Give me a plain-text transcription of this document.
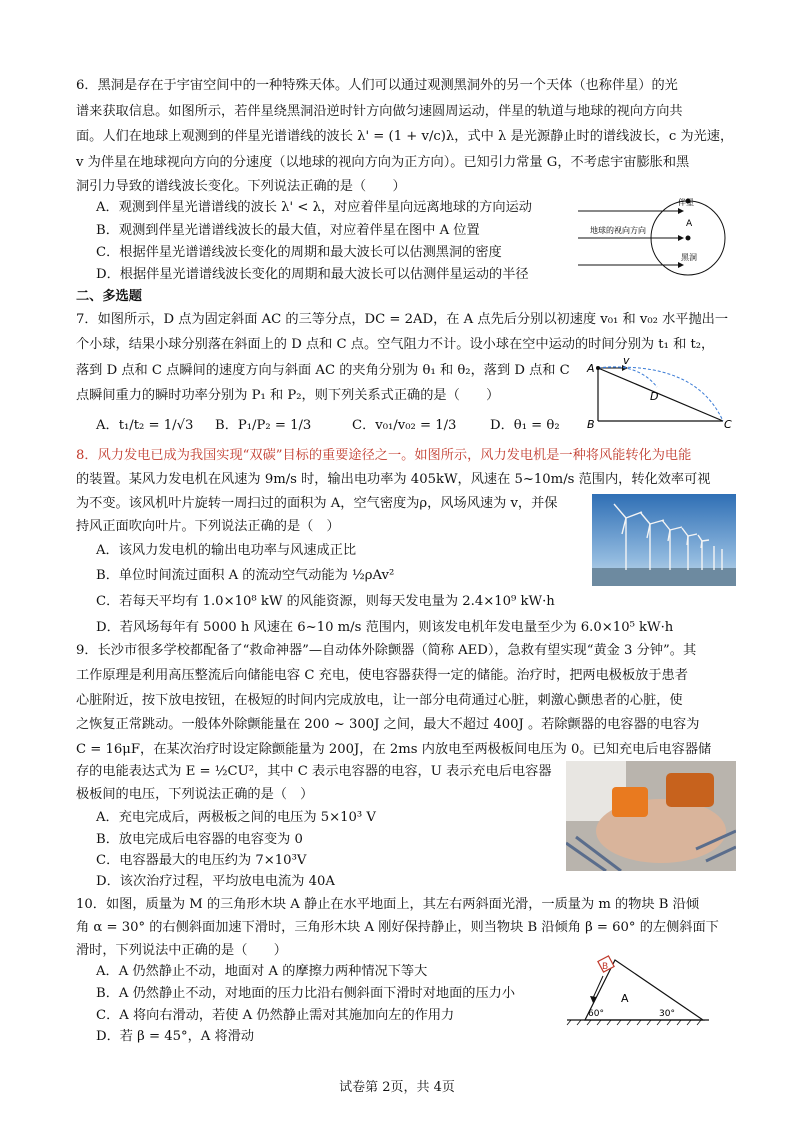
6．黑洞是存在于宇宙空间中的一种特殊天体。人们可以通过观测黑洞外的另一个天体（也称伴星）的光
谱来获取信息。如图所示，若伴星绕黑洞沿逆时针方向做匀速圆周运动，伴星的轨道与地球的视向方向共
面。人们在地球上观测到的伴星光谱谱线的波长 λ' = (1 + v/c)λ，式中 λ 是光源静止时的谱线波长，c 为光速，
v 为伴星在地球视向方向的分速度（以地球的视向方向为正方向）。已知引力常量 G，不考虑宇宙膨胀和黑
洞引力导致的谱线波长变化。下列说法正确的是（　　）
A．观测到伴星光谱谱线的波长 λ' < λ，对应着伴星向远离地球的方向运动
B．观测到伴星光谱谱线波长的最大值，对应着伴星在图中 A 位置
C．根据伴星光谱谱线波长变化的周期和最大波长可以估测黑洞的密度
D．根据伴星光谱谱线波长变化的周期和最大波长可以估测伴星运动的半径
地球的视向方向
伴星
A
黑洞
二、多选题
7．如图所示，D 点为固定斜面 AC 的三等分点，DC = 2AD，在 A 点先后分别以初速度 v₀₁ 和 v₀₂ 水平抛出一
个小球，结果小球分别落在斜面上的 D 点和 C 点。空气阻力不计。设小球在空中运动的时间分别为 t₁ 和 t₂，
落到 D 点和 C 点瞬间的速度方向与斜面 AC 的夹角分别为 θ₁ 和 θ₂，落到 D 点和 C
点瞬间重力的瞬时功率分别为 P₁ 和 P₂，则下列关系式正确的是（　　）
A．t₁/t₂ = 1/√3 B．P₁/P₂ = 1/3	C．v₀₁/v₀₂ = 1/3	D．θ₁ = θ₂
A
v
D
B	C
8．风力发电已成为我国实现“双碳”目标的重要途径之一。如图所示，风力发电机是一种将风能转化为电能
的装置。某风力发电机在风速为 9m/s 时，输出电功率为 405kW，风速在 5~10m/s 范围内，转化效率可视
为不变。该风机叶片旋转一周扫过的面积为 A，空气密度为ρ，风场风速为 v，并保
持风正面吹向叶片。下列说法正确的是（　）
A．该风力发电机的输出电功率与风速成正比
B．单位时间流过面积 A 的流动空气动能为 ½ρAv²
C．若每天平均有 1.0×10⁸ kW 的风能资源，则每天发电量为 2.4×10⁹ kW·h
D．若风场每年有 5000 h 风速在 6~10 m/s 范围内，则该发电机年发电量至少为 6.0×10⁵ kW·h
9．长沙市很多学校都配备了“救命神器”—自动体外除颤器（简称 AED），急救有望实现“黄金 3 分钟”。其
工作原理是利用高压整流后向储能电容 C 充电，使电容器获得一定的储能。治疗时，把两电极板放于患者
心脏附近，按下放电按钮，在极短的时间内完成放电，让一部分电荷通过心脏，刺激心颤患者的心脏，使
之恢复正常跳动。一般体外除颤能量在 200 ~ 300J 之间，最大不超过 400J 。若除颤器的电容器的电容为
C = 16μF，在某次治疗时设定除颤能量为 200J，在 2ms 内放电至两极板间电压为 0。已知充电后电容器储
存的电能表达式为 E = ½CU²，其中 C 表示电容器的电容，U 表示充电后电容器
极板间的电压，下列说法正确的是（　）
A．充电完成后，两极板之间的电压为 5×10³ V
B．放电完成后电容器的电容变为 0
C．电容器最大的电压约为 7×10³V
D．该次治疗过程，平均放电电流为 40A
10．如图，质量为 M 的三角形木块 A 静止在水平地面上，其左右两斜面光滑，一质量为 m 的物块 B 沿倾
角 α = 30° 的右侧斜面加速下滑时，三角形木块 A 刚好保持静止，则当物块 B 沿倾角 β = 60° 的左侧斜面下
滑时，下列说法中正确的是（　　）
A．A 仍然静止不动，地面对 A 的摩擦力两种情况下等大
B．A 仍然静止不动，对地面的压力比沿右侧斜面下滑时对地面的压力小
C．A 将向右滑动，若使 A 仍然静止需对其施加向左的作用力
D．若 β = 45°，A 将滑动
B
A
60°	30°
试卷第 2页，共 4页
